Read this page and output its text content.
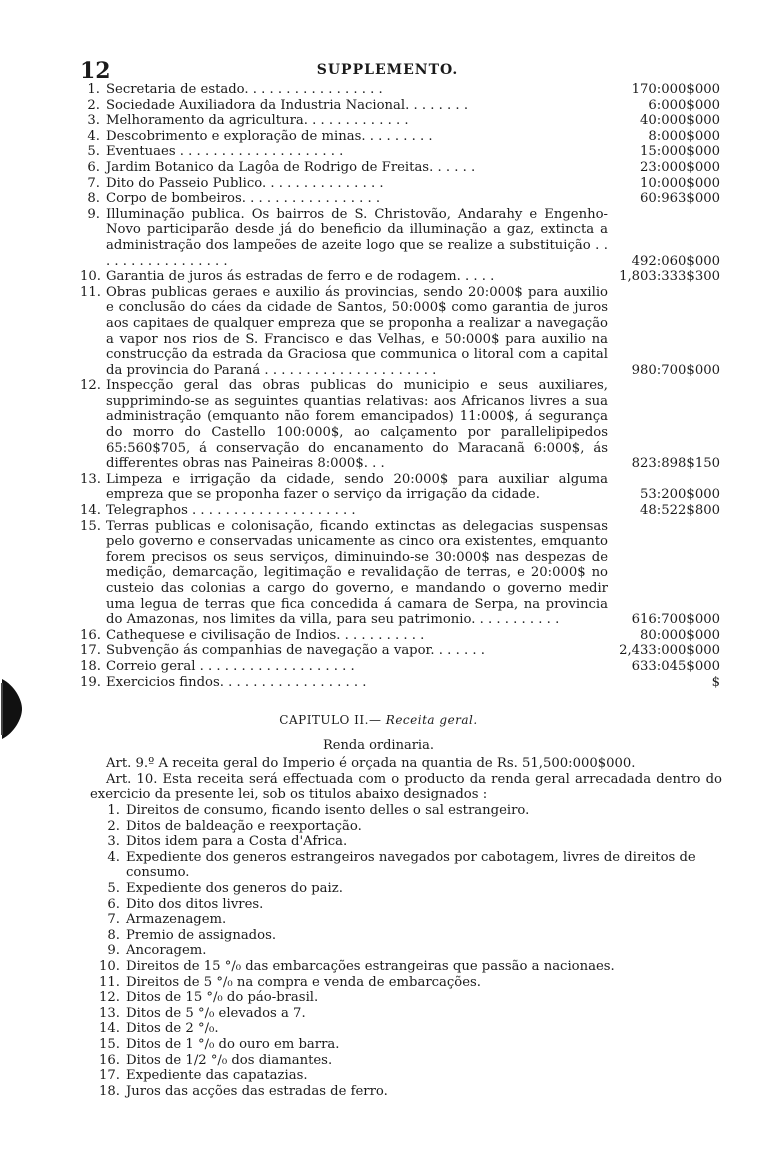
12	SUPPLEMENTO.
1. Secretaria de estado. . . . . . . . . . . . . . . . .	170:000$000
2. Sociedade Auxiliadora da Industria Nacional. . . . . . . .	6:000$000
3. Melhoramento da agricultura. . . . . . . . . . . . .	40:000$000
4. Descobrimento e exploração de minas. . . . . . . . .	8:000$000
5. Eventuaes . . . . . . . . . . . . . . . . . . . .	15:000$000
6. Jardim Botanico da Lagôa de Rodrigo de Freitas. . . . . .	23:000$000
7. Dito do Passeio Publico. . . . . . . . . . . . . . .	10:000$000
8. Corpo de bombeiros. . . . . . . . . . . . . . . . .	60:963$000
9. Illuminação publica. Os bairros de S. Christovão, Andarahy e Engenho-Novo participarão desde já do beneficio da illuminação a gaz, extincta a administração dos lampeões de azeite logo que se realize a substituição . . . . . . . . . . . . . . . . .	492:060$000
10. Garantia de juros ás estradas de ferro e de rodagem. . . . .	1,803:333$300
11. Obras publicas geraes e auxilio ás provincias, sendo 20:000$ para auxilio e conclusão do cáes da cidade de Santos, 50:000$ como garantia de juros aos capitaes de qualquer empreza que se proponha a realizar a navegação a vapor nos rios de S. Francisco e das Velhas, e 50:000$ para auxilio na construcção da estrada da Graciosa que communica o litoral com a capital da provincia do Paraná . . . . . . . . . . . . . . . . . . . . .	980:700$000
12. Inspecção geral das obras publicas do municipio e seus auxiliares, supprimindo-se as seguintes quantias relativas: aos Africanos livres a sua administração (emquanto não forem emancipados) 11:000$, á segurança do morro do Castello 100:000$, ao calçamento por parallelipipedos 65:560$705, á conservação do encanamento do Maracanã 6:000$, ás differentes obras nas Paineiras 8:000$. . .	823:898$150
13. Limpeza e irrigação da cidade, sendo 20:000$ para auxiliar alguma empreza que se proponha fazer o serviço da irrigação da cidade.	53:200$000
14. Telegraphos . . . . . . . . . . . . . . . . . . . .	48:522$800
15. Terras publicas e colonisação, ficando extinctas as delegacias suspensas pelo governo e conservadas unicamente as cinco ora existentes, emquanto forem precisos os seus serviços, diminuindo-se 30:000$ nas despezas de medição, demarcação, legitimação e revalidação de terras, e 20:000$ no custeio das colonias a cargo do governo, e mandando o governo medir uma legua de terras que fica concedida á camara de Serpa, na provincia do Amazonas, nos limites da villa, para seu patrimonio. . . . . . . . . . .	616:700$000
16. Cathequese e civilisação de Indios. . . . . . . . . . .	80:000$000
17. Subvenção ás companhias de navegação a vapor. . . . . . .	2,433:000$000
18. Correio geral . . . . . . . . . . . . . . . . . . .	633:045$000
19. Exercicios findos. . . . . . . . . . . . . . . . . .	$
CAPITULO II.— Receita geral.
Renda ordinaria.
Art. 9.º A receita geral do Imperio é orçada na quantia de Rs. 51,500:000$000.
Art. 10. Esta receita será effectuada com o producto da renda geral arrecadada dentro do exercicio da presente lei, sob os titulos abaixo designados :
1. Direitos de consumo, ficando isento delles o sal estrangeiro.
2. Ditos de baldeação e reexportação.
3. Ditos idem para a Costa d'Africa.
4. Expediente dos generos estrangeiros navegados por cabotagem, livres de direitos de consumo.
5. Expediente dos generos do paiz.
6. Dito dos ditos livres.
7. Armazenagem.
8. Premio de assignados.
9. Ancoragem.
10. Direitos de 15 °/₀ das embarcações estrangeiras que passão a nacionaes.
11. Direitos de 5 °/₀ na compra e venda de embarcações.
12. Ditos de 15 °/₀ do páo-brasil.
13. Ditos de 5 °/₀ elevados a 7.
14. Ditos de 2 °/₀.
15. Ditos de 1 °/₀ do ouro em barra.
16. Ditos de 1/2 °/₀ dos diamantes.
17. Expediente das capatazias.
18. Juros das acções das estradas de ferro.
